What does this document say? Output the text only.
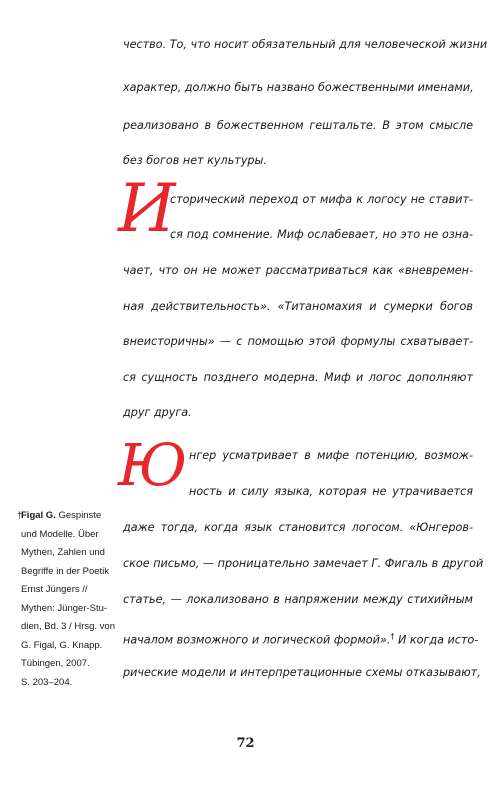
чество. То, что носит обязательный для человеческой жизни
характер, должно быть названо божественными именами,
реализовано в божественном гештальте. В этом смысле
без богов нет культуры.
И
сторический переход от мифа к логосу не ставит-
ся под сомнение. Миф ослабевает, но это не озна-
чает, что он не может рассматриваться как «вневремен-
ная действительность». «Титаномахия и сумерки богов
внеисторичны» — с помощью этой формулы схватывает-
ся сущность позднего модерна. Миф и логос дополняют
друг друга.
Ю нгер усматривает в мифе потенцию, возмож-
ность и силу языка, которая не утрачивается
даже тогда, когда язык становится логосом. «Юнгеров-
ское письмо, — проницательно замечает Г. Фигаль в другой
статье, — локализовано в напряжении между стихийным
началом возможного и логической формой».† И когда исто-
рические модели и интерпретационные схемы отказывают,
†
Figal G. Gespinste
und Modelle. Über
Mythen, Zahlen und
Begriffe in der Poetik
Ernst Jüngers //
Mythen: Jünger-Stu-
dien, Bd. 3 / Hrsg. von
G. Figal, G. Knapp.
Tübingen, 2007.
S. 203–204.
72
